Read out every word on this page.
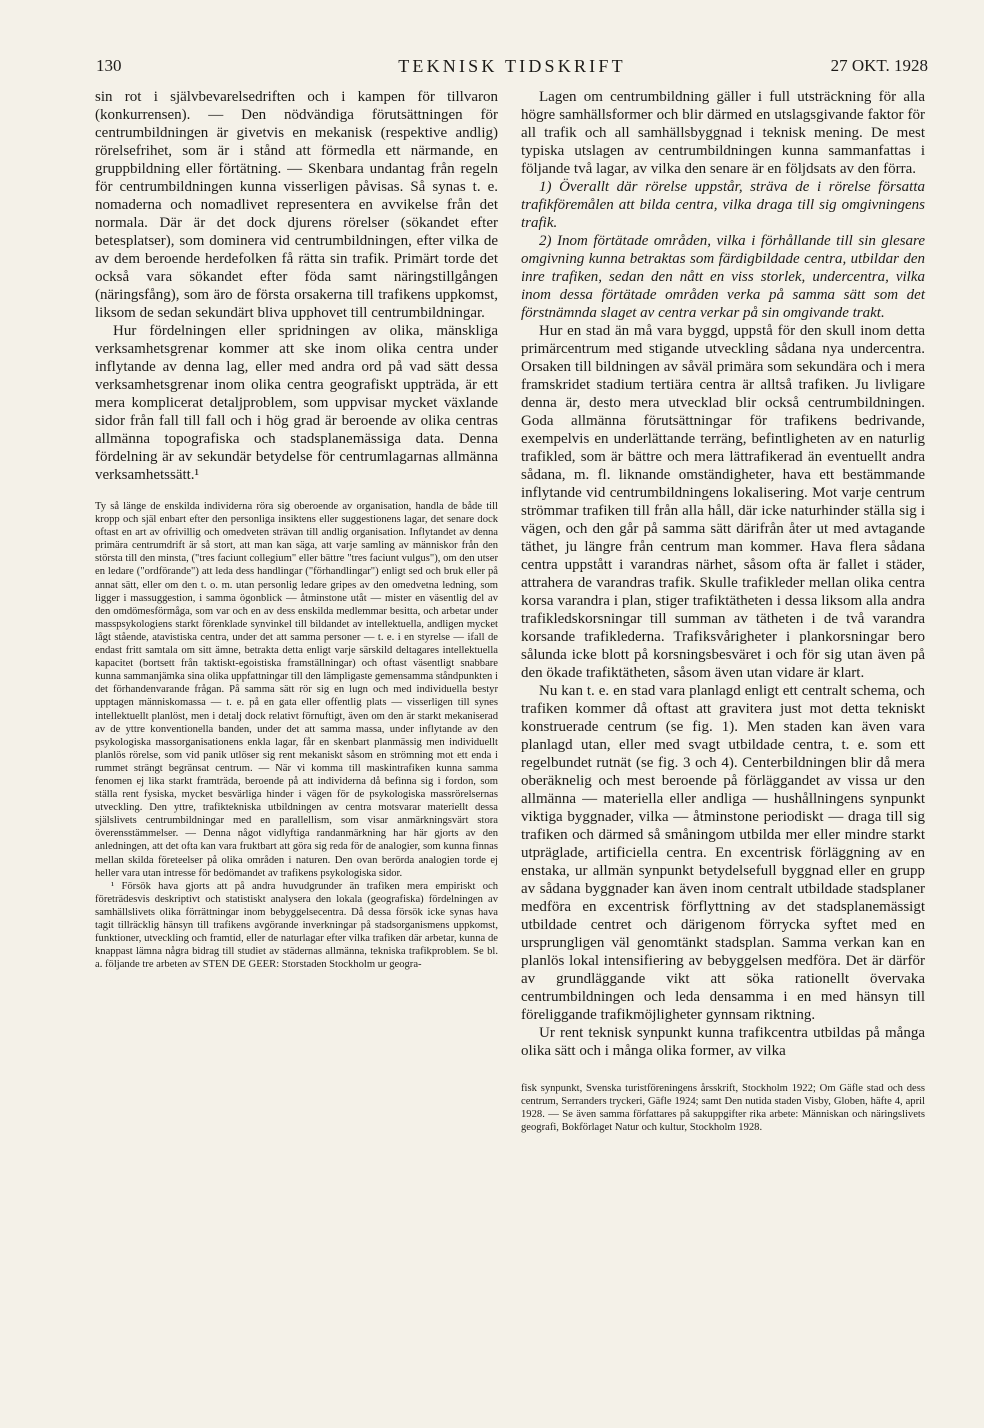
130	TEKNISK TIDSKRIFT	27 OKT. 1928

sin rot i självbevarelsedriften och i kampen för tillvaron (konkurrensen). — Den nödvändiga förutsättningen för centrumbildningen är givetvis en mekanisk (respektive andlig) rörelsefrihet, som är i stånd att förmedla ett närmande, en gruppbildning eller förtätning. — Skenbara undantag från regeln för centrumbildningen kunna visserligen påvisas. Så synas t. e. nomaderna och nomadlivet representera en avvikelse från det normala. Där är det dock djurens rörelser (sökandet efter betesplatser), som dominera vid centrumbildningen, efter vilka de av dem beroende herdefolken få rätta sin trafik. Primärt torde det också vara sökandet efter föda samt näringstillgången (näringsfång), som äro de första orsakerna till trafikens uppkomst, liksom de sedan sekundärt bliva upphovet till centrumbildningar.

Hur fördelningen eller spridningen av olika, mänskliga verksamhetsgrenar kommer att ske inom olika centra under inflytande av denna lag, eller med andra ord på vad sätt dessa verksamhetsgrenar inom olika centra geografiskt uppträda, är ett mera komplicerat detaljproblem, som uppvisar mycket växlande sidor från fall till fall och i hög grad är beroende av olika centras allmänna topografiska och stadsplanemässiga data. Denna fördelning är av sekundär betydelse för centrumlagarnas allmänna verksamhetssätt.¹

Ty så länge de enskilda individerna röra sig oberoende av organisation, handla de både till kropp och själ enbart efter den personliga insiktens eller suggestionens lagar, det senare dock oftast en art av ofrivillig och omedveten strävan till andlig organisation. Inflytandet av denna primära centrumdrift är så stort, att man kan säga, att varje samling av människor från den största till den minsta, ("tres faciunt collegium" eller bättre "tres faciunt vulgus"), om den utser en ledare ("ordförande") att leda dess handlingar ("förhandlingar") enligt sed och bruk eller på annat sätt, eller om den t. o. m. utan personlig ledare gripes av den omedvetna ledning, som ligger i massuggestion, i samma ögonblick — åtminstone utåt — mister en väsentlig del av den omdömesförmåga, som var och en av dess enskilda medlemmar besitta, och arbetar under masspsykologiens starkt förenklade synvinkel till bildandet av intellektuella, andligen mycket lågt stående, atavistiska centra, under det att samma personer — t. e. i en styrelse — ifall de endast fritt samtala om sitt ämne, betrakta detta enligt varje särskild deltagares intellektuella kapacitet (bortsett från taktiskt-egoistiska framställningar) och oftast väsentligt snabbare kunna sammanjämka sina olika uppfattningar till den lämpligaste gemensamma ståndpunkten i det förhandenvarande frågan. På samma sätt rör sig en lugn och med individuella bestyr upptagen människomassa — t. e. på en gata eller offentlig plats — visserligen till synes intellektuellt planlöst, men i detalj dock relativt förnuftigt, även om den är starkt mekaniserad av de yttre konventionella banden, under det att samma massa, under inflytande av den psykologiska massorganisationens enkla lagar, får en skenbart planmässig men individuellt planlös rörelse, som vid panik utlöser sig rent mekaniskt såsom en strömning mot ett enda i rummet strängt begränsat centrum. — När vi komma till maskintrafiken kunna samma fenomen ej lika starkt framträda, beroende på att individerna då befinna sig i fordon, som ställa rent fysiska, mycket besvärliga hinder i vägen för de psykologiska massrörelsernas utveckling. Den yttre, trafiktekniska utbildningen av centra motsvarar materiellt dessa själslivets centrumbildningar med en parallellism, som visar anmärkningsvärt stora överensstämmelser. — Denna något vidlyftiga randanmärkning har här gjorts av den anledningen, att det ofta kan vara fruktbart att göra sig reda för de analogier, som kunna finnas mellan skilda företeelser på olika områden i naturen. Den ovan berörda analogien torde ej heller vara utan intresse för bedömandet av trafikens psykologiska sidor.

¹ Försök hava gjorts att på andra huvudgrunder än trafiken mera empiriskt och företrädesvis deskriptivt och statistiskt analysera den lokala (geografiska) fördelningen av samhällslivets olika förrättningar inom bebyggelsecentra. Då dessa försök icke synas hava tagit tillräcklig hänsyn till trafikens avgörande inverkningar på stadsorganismens uppkomst, funktioner, utveckling och framtid, eller de naturlagar efter vilka trafiken där arbetar, kunna de knappast lämna några bidrag till studiet av städernas allmänna, tekniska trafikproblem. Se bl. a. följande tre arbeten av STEN DE GEER: Storstaden Stockholm ur geogra-

Lagen om centrumbildning gäller i full utsträckning för alla högre samhällsformer och blir därmed en utslagsgivande faktor för all trafik och all samhällsbyggnad i teknisk mening. De mest typiska utslagen av centrumbildningen kunna sammanfattas i följande två lagar, av vilka den senare är en följdsats av den förra.

1) Överallt där rörelse uppstår, sträva de i rörelse försatta trafikföremålen att bilda centra, vilka draga till sig omgivningens trafik.

2) Inom förtätade områden, vilka i förhållande till sin glesare omgivning kunna betraktas som färdigbildade centra, utbildar den inre trafiken, sedan den nått en viss storlek, undercentra, vilka inom dessa förtätade områden verka på samma sätt som det förstnämnda slaget av centra verkar på sin omgivande trakt.

Hur en stad än må vara byggd, uppstå för den skull inom detta primärcentrum med stigande utveckling sådana nya undercentra. Orsaken till bildningen av såväl primära som sekundära och i mera framskridet stadium tertiära centra är alltså trafiken. Ju livligare denna är, desto mera utvecklad blir också centrumbildningen. Goda allmänna förutsättningar för trafikens bedrivande, exempelvis en underlättande terräng, befintligheten av en naturlig trafikled, som är bättre och mera lättrafikerad än eventuellt andra sådana, m. fl. liknande omständigheter, hava ett bestämmande inflytande vid centrumbildningens lokalisering. Mot varje centrum strömmar trafiken till från alla håll, där icke naturhinder ställa sig i vägen, och den går på samma sätt därifrån åter ut med avtagande täthet, ju längre från centrum man kommer. Hava flera sådana centra uppstått i varandras närhet, såsom ofta är fallet i städer, attrahera de varandras trafik. Skulle trafikleder mellan olika centra korsa varandra i plan, stiger trafiktätheten i dessa liksom alla andra trafikledskorsningar till summan av tätheten i de två varandra korsande trafiklederna. Trafiksvårigheter i plankorsningar bero sålunda icke blott på korsningsbesväret i och för sig utan även på den ökade trafiktätheten, såsom även utan vidare är klart.

Nu kan t. e. en stad vara planlagd enligt ett centralt schema, och trafiken kommer då oftast att gravitera just mot detta tekniskt konstruerade centrum (se fig. 1). Men staden kan även vara planlagd utan, eller med svagt utbildade centra, t. e. som ett regelbundet rutnät (se fig. 3 och 4). Centerbildningen blir då mera oberäknelig och mest beroende på förläggandet av vissa ur den allmänna — materiella eller andliga — hushållningens synpunkt viktiga byggnader, vilka — åtminstone periodiskt — draga till sig trafiken och därmed så småningom utbilda mer eller mindre starkt utpräglade, artificiella centra. En excentrisk förläggning av en enstaka, ur allmän synpunkt betydelsefull byggnad eller en grupp av sådana byggnader kan även inom centralt utbildade stadsplaner medföra en excentrisk förflyttning av det stadsplanemässigt utbildade centret och därigenom förrycka syftet med en ursprungligen väl genomtänkt stadsplan. Samma verkan kan en planlös lokal intensifiering av bebyggelsen medföra. Det är därför av grundläggande vikt att söka rationellt övervaka centrumbildningen och leda densamma i en med hänsyn till föreliggande trafikmöjligheter gynnsam riktning.

Ur rent teknisk synpunkt kunna trafikcentra utbildas på många olika sätt och i många olika former, av vilka

fisk synpunkt, Svenska turistföreningens årsskrift, Stockholm 1922; Om Gäfle stad och dess centrum, Serranders tryckeri, Gäfle 1924; samt Den nutida staden Visby, Globen, häfte 4, april 1928. — Se även samma författares på sakuppgifter rika arbete: Människan och näringslivets geografi, Bokförlaget Natur och kultur, Stockholm 1928.
